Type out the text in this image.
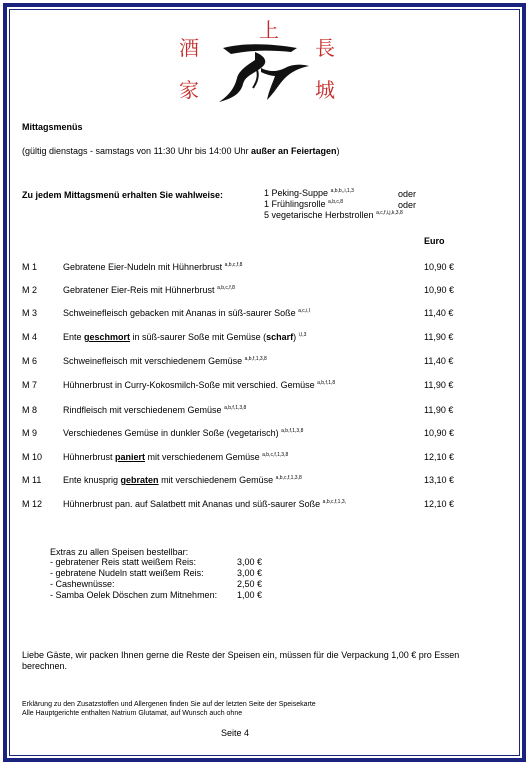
上
酒	長
家	城
Mittagsmenüs
(gültig dienstags - samstags von 11:30 Uhr bis 14:00 Uhr außer an Feiertagen)
Zu jedem Mittagsmenü erhalten Sie wahlweise:	1 Peking-Suppe $^{a,b,b,,i,1,3}$	oder
1 Frühlingsrolle $^{a,b,c,8}$	oder
5 vegetarische Herbstrollen $^{a,c,f,i,j,k,3,8}$
Euro
M 1	Gebratene Eier-Nudeln mit Hühnerbrust $^{a,b,c,f,8}$	10,90 €
M 2	Gebratener Eier-Reis mit Hühnerbrust $^{a,b,c,f,8}$	10,90 €
M 3	Schweinefleisch gebacken mit Ananas in süß-saurer Soße $^{a,c,i,l}$	11,40 €
M 4	Ente geschmort in süß-saurer Soße mit Gemüse (scharf) $^{i,l,3}$	11,90 €
M 6	Schweinefleisch mit verschiedenem Gemüse $^{a,b,f,1,3,8}$	11,40 €
M 7	Hühnerbrust in Curry-Kokosmilch-Soße mit verschied. Gemüse $^{a,b,f,1,8}$	11,90 €
M 8	Rindfleisch mit verschiedenem Gemüse $^{a,b,f,1,3,8}$	11,90 €
M 9	Verschiedenes Gemüse in dunkler Soße (vegetarisch) $^{a,b,f,1,3,8}$	10,90 €
M 10 Hühnerbrust paniert mit verschiedenem Gemüse $^{a,b,c,f,1,3,8}$	12,10 €
M 11 Ente knusprig gebraten mit verschiedenem Gemüse $^{a,b,c,f,1,3,8}$	13,10 €
M 12 Hühnerbrust pan. auf Salatbett mit Ananas und süß-saurer Soße $^{a,b,c,f,1,3,}$	12,10 €
Extras zu allen Speisen bestellbar:
- gebratener Reis statt weißem Reis:	3,00 €
- gebratene Nudeln statt weißem Reis:	3,00 €
- Cashewnüsse:	2,50 €
- Samba Oelek Döschen zum Mitnehmen: 1,00 €
Liebe Gäste, wir packen Ihnen gerne die Reste der Speisen ein, müssen für die Verpackung 1,00 € pro Essen
berechnen.
Erklärung zu den Zusatzstoffen und Allergenen finden Sie auf der letzten Seite der Speisekarte
Alle Hauptgerichte enthalten Natrium Glutamat, auf Wunsch auch ohne
Seite 4
